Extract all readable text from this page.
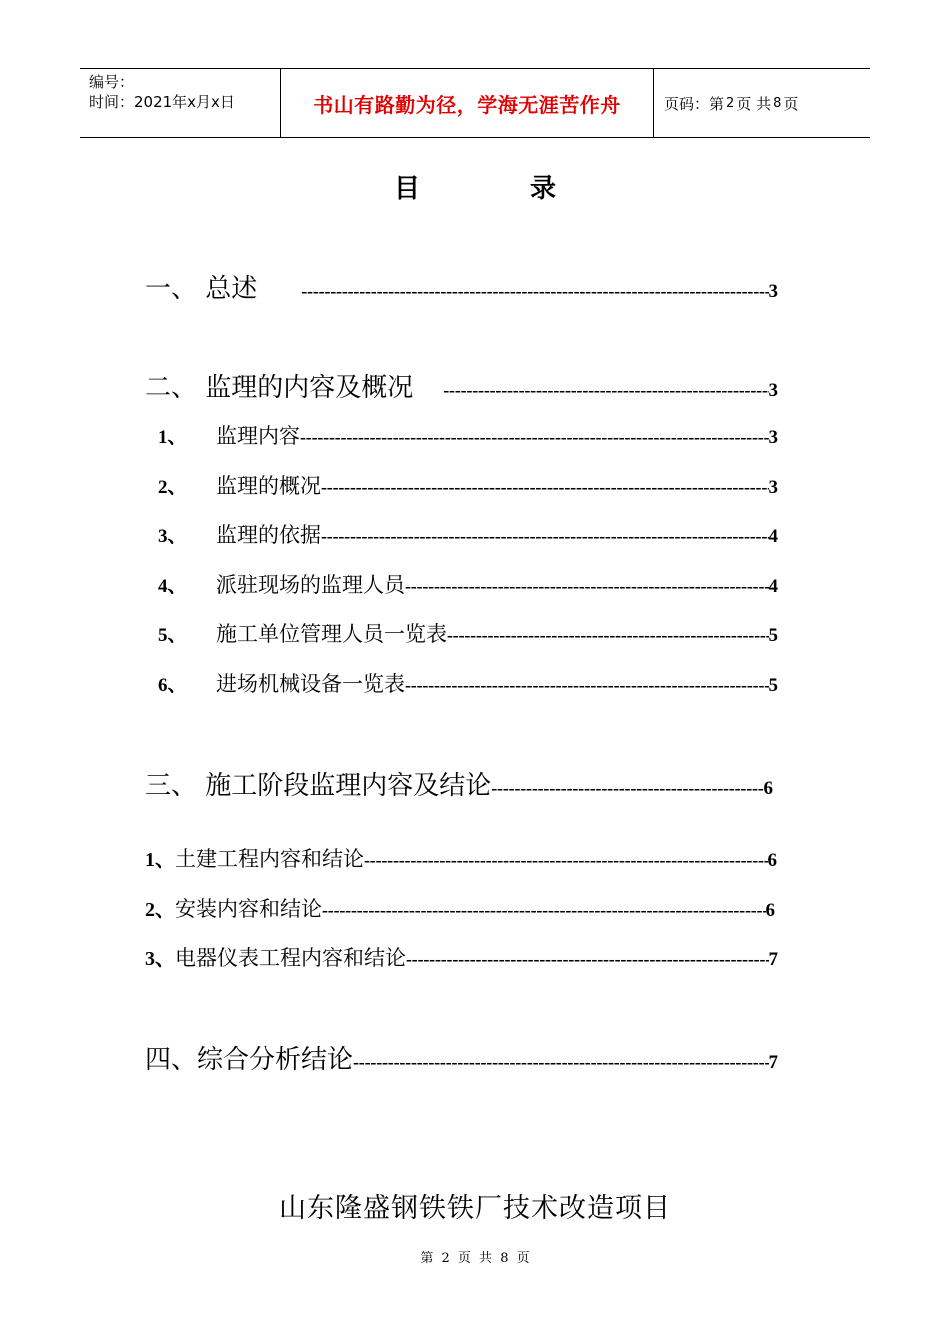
编号：
时间：2021年x月x日	书山有路勤为径，学海无涯苦作舟	页码：第 2 页 共 8 页
目	录
一、 总述 -----	3
二、 监理的内容及概况 -----	3
1、	监理内容 -----	3
2、	监理的概况 -----	3
3、	监理的依据 -----	4
4、	派驻现场的监理人员 -----	4
5、	施工单位管理人员一览表 -----	5
6、	进场机械设备一览表 -----	5
三、 施工阶段监理内容及结论 -----	6
1、 土建工程内容和结论 -----	6
2、 安装内容和结论 -----	6
3、 电器仪表工程内容和结论 -----	7
四、综合分析结论 -----	7
山东隆盛钢铁铁厂技术改造项目
第 2 页 共 8 页
